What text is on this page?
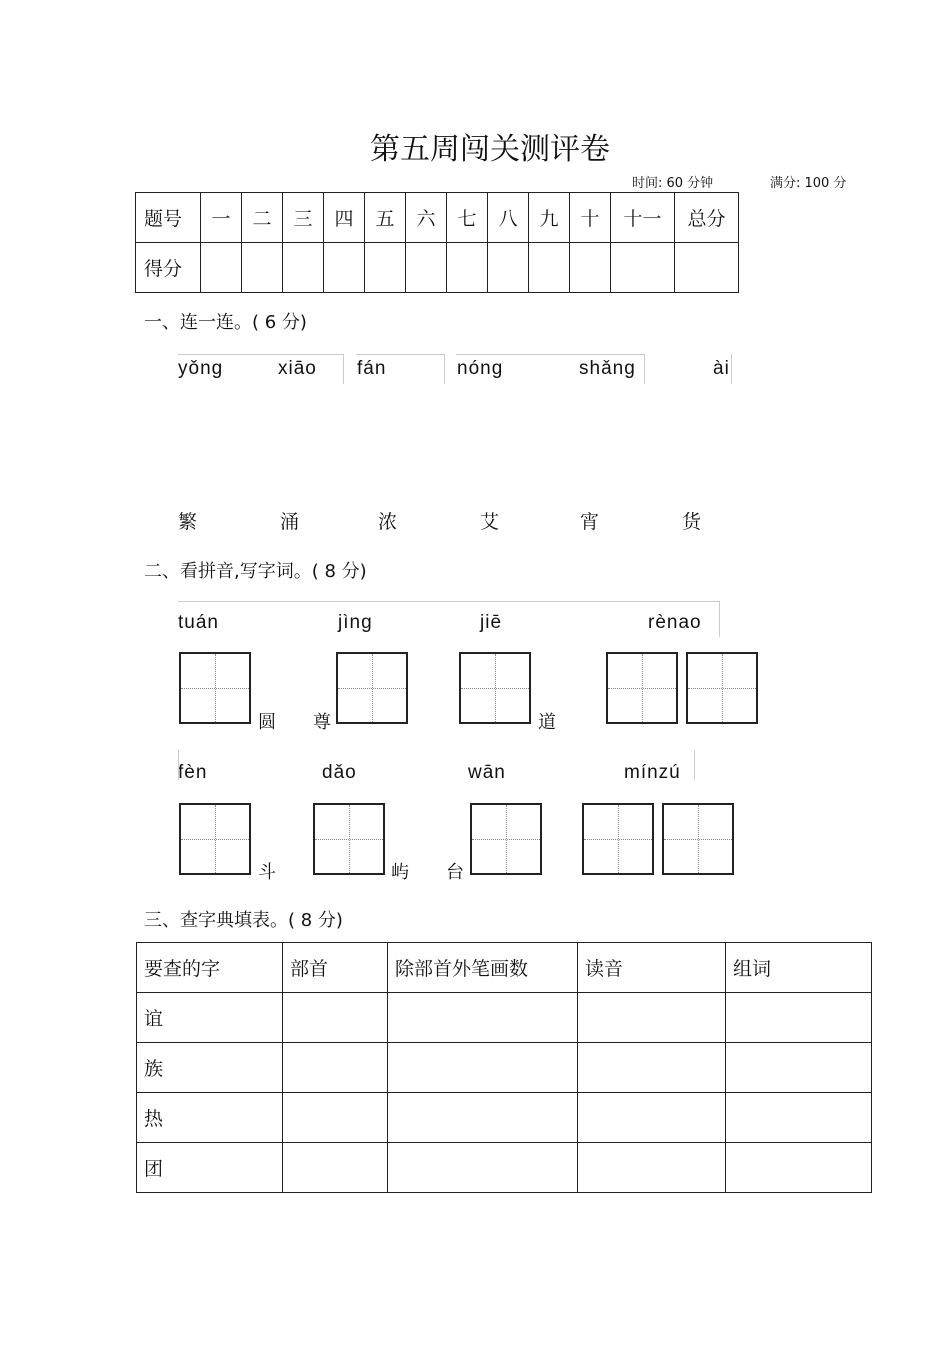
第五周闯关测评卷
时间: 60 分钟	满分: 100 分
题号	一	二	三	四	五	六	七	八	九	十	十一	总分
得分												
一、连一连。( 6 分)
yǒng	xiāo fán	nóng	shǎng	ài
繁	涌	浓	艾	宵	货
二、看拼音,写字词。( 8 分)
tuán	jìng	jiē	rènao
圆 尊	道
fèn	dǎo	wān	mínzú
斗	屿 台
三、查字典填表。( 8 分)
要查的字	部首	除部首外笔画数	读音	组词
谊				
族				
热				
团				
